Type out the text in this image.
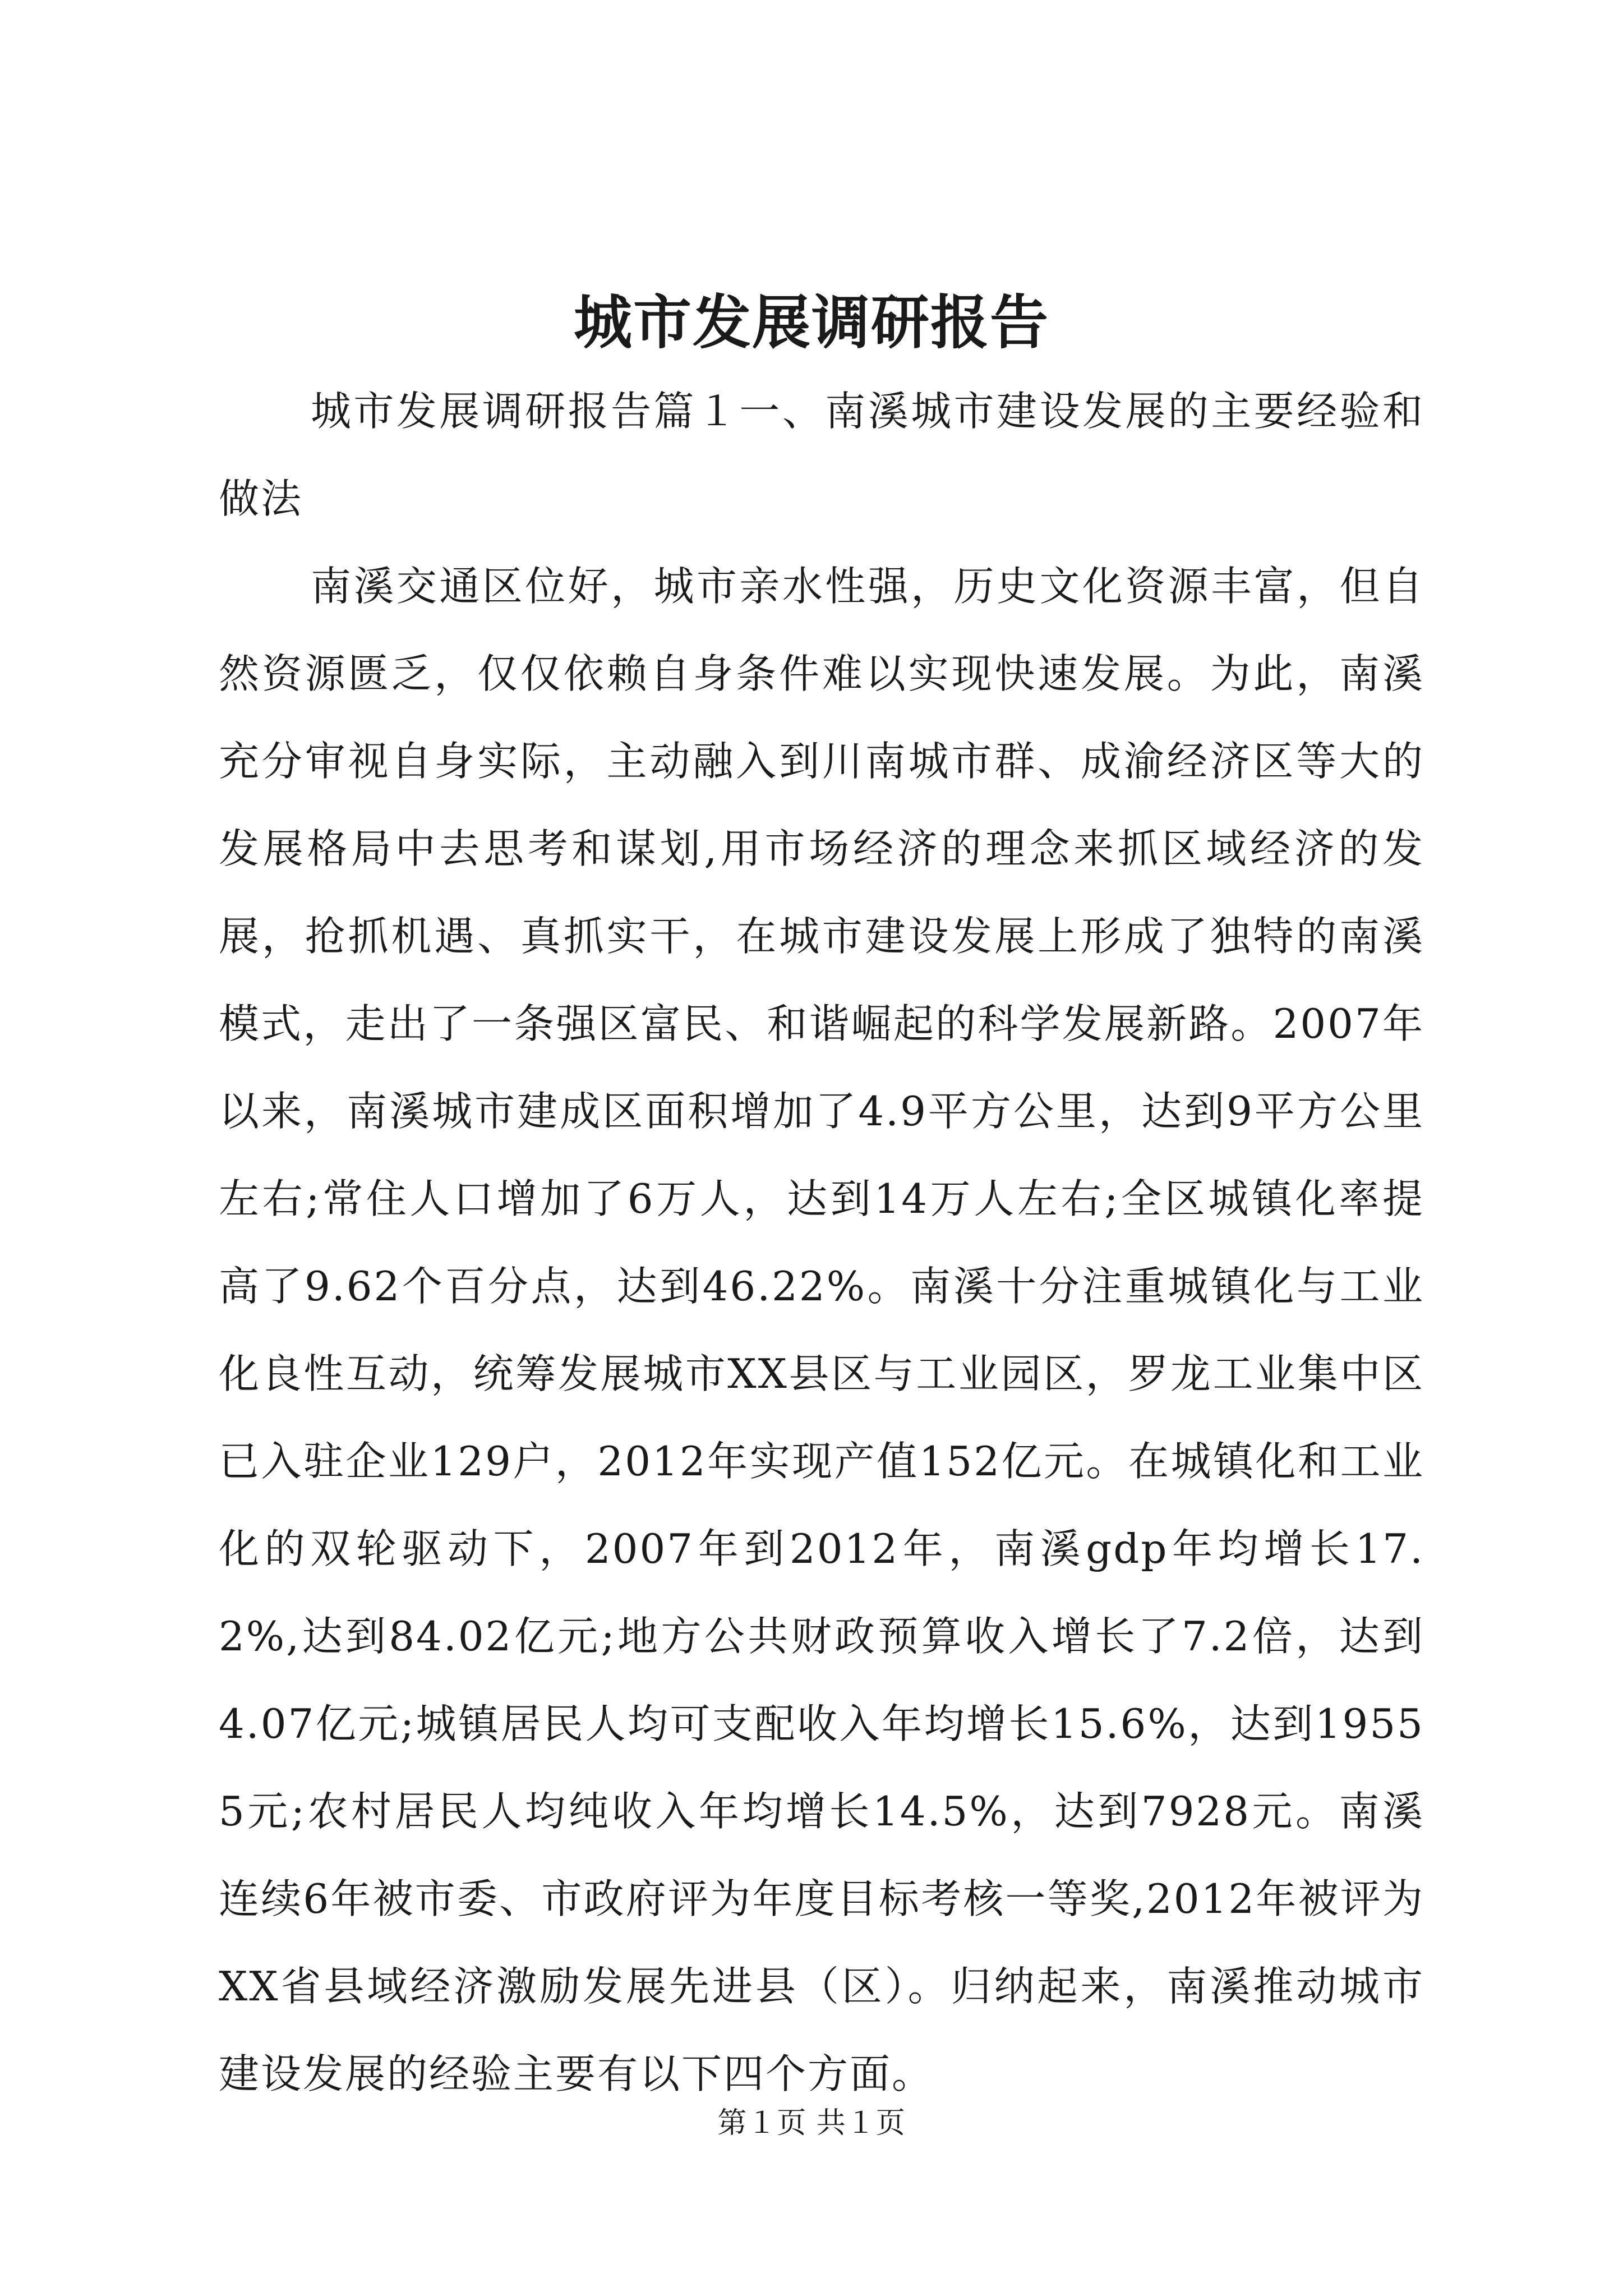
城市发展调研报告

城市发展调研报告篇１一、南溪城市建设发展的主要经验和做法

南溪交通区位好，城市亲水性强，历史文化资源丰富，但自然资源匮乏，仅仅依赖自身条件难以实现快速发展。为此，南溪充分审视自身实际，主动融入到川南城市群、成渝经济区等大的发展格局中去思考和谋划,用市场经济的理念来抓区域经济的发展，抢抓机遇、真抓实干，在城市建设发展上形成了独特的南溪模式，走出了一条强区富民、和谐崛起的科学发展新路。2007年以来，南溪城市建成区面积增加了4.9平方公里，达到9平方公里左右;常住人口增加了6万人，达到14万人左右;全区城镇化率提高了9.62个百分点，达到46.22%。南溪十分注重城镇化与工业化良性互动，统筹发展城市XX县区与工业园区，罗龙工业集中区已入驻企业129户，2012年实现产值152亿元。在城镇化和工业化的双轮驱动下，2007年到2012年，南溪gdp年均增长17.2%,达到84.02亿元;地方公共财政预算收入增长了7.2倍，达到4.07亿元;城镇居民人均可支配收入年均增长15.6%，达到19555元;农村居民人均纯收入年均增长14.5%，达到7928元。南溪连续6年被市委、市政府评为年度目标考核一等奖,2012年被评为XX省县域经济激励发展先进县（区）。归纳起来，南溪推动城市建设发展的经验主要有以下四个方面。

第１页 共１页
